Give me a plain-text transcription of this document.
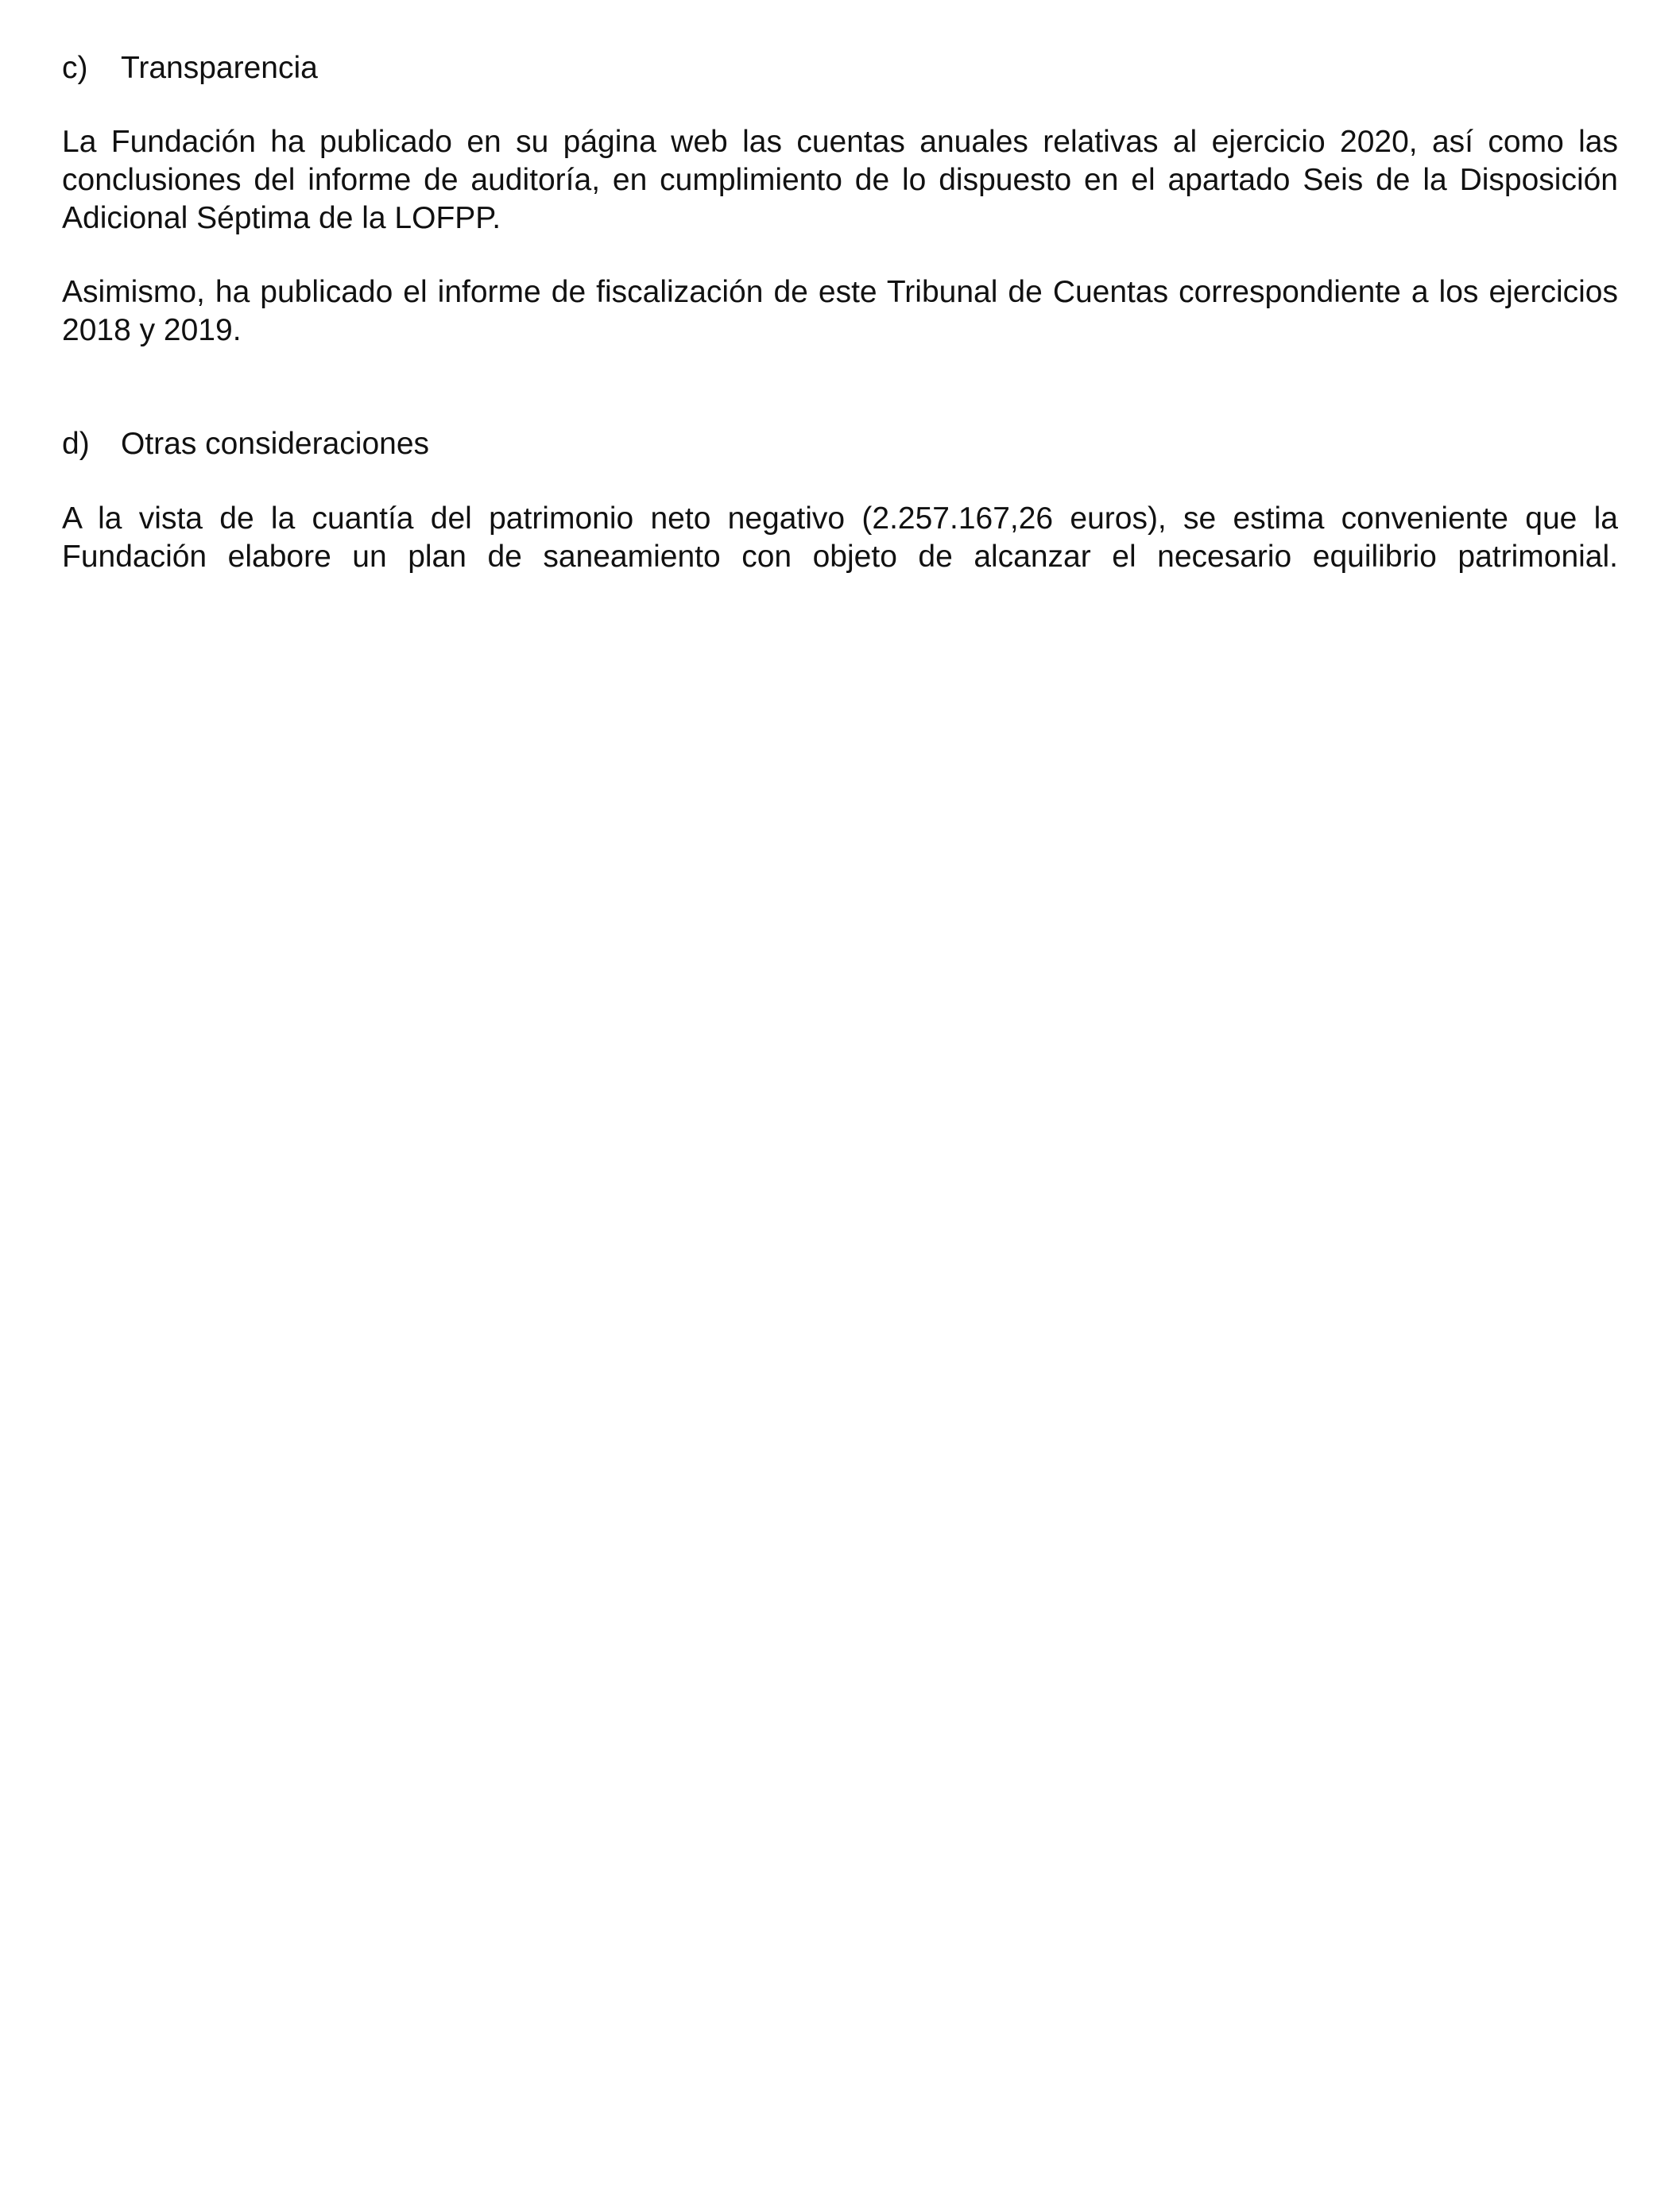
c)	Transparencia

La Fundación ha publicado en su página web las cuentas anuales relativas al ejercicio 2020, así como las conclusiones del informe de auditoría, en cumplimiento de lo dispuesto en el apartado Seis de la Disposición Adicional Séptima de la LOFPP.

Asimismo, ha publicado el informe de fiscalización de este Tribunal de Cuentas correspondiente a los ejercicios 2018 y 2019.

d)	Otras consideraciones

A la vista de la cuantía del patrimonio neto negativo (2.257.167,26 euros), se estima conveniente que la Fundación elabore un plan de saneamiento con objeto de alcanzar el necesario equilibrio patrimonial.
